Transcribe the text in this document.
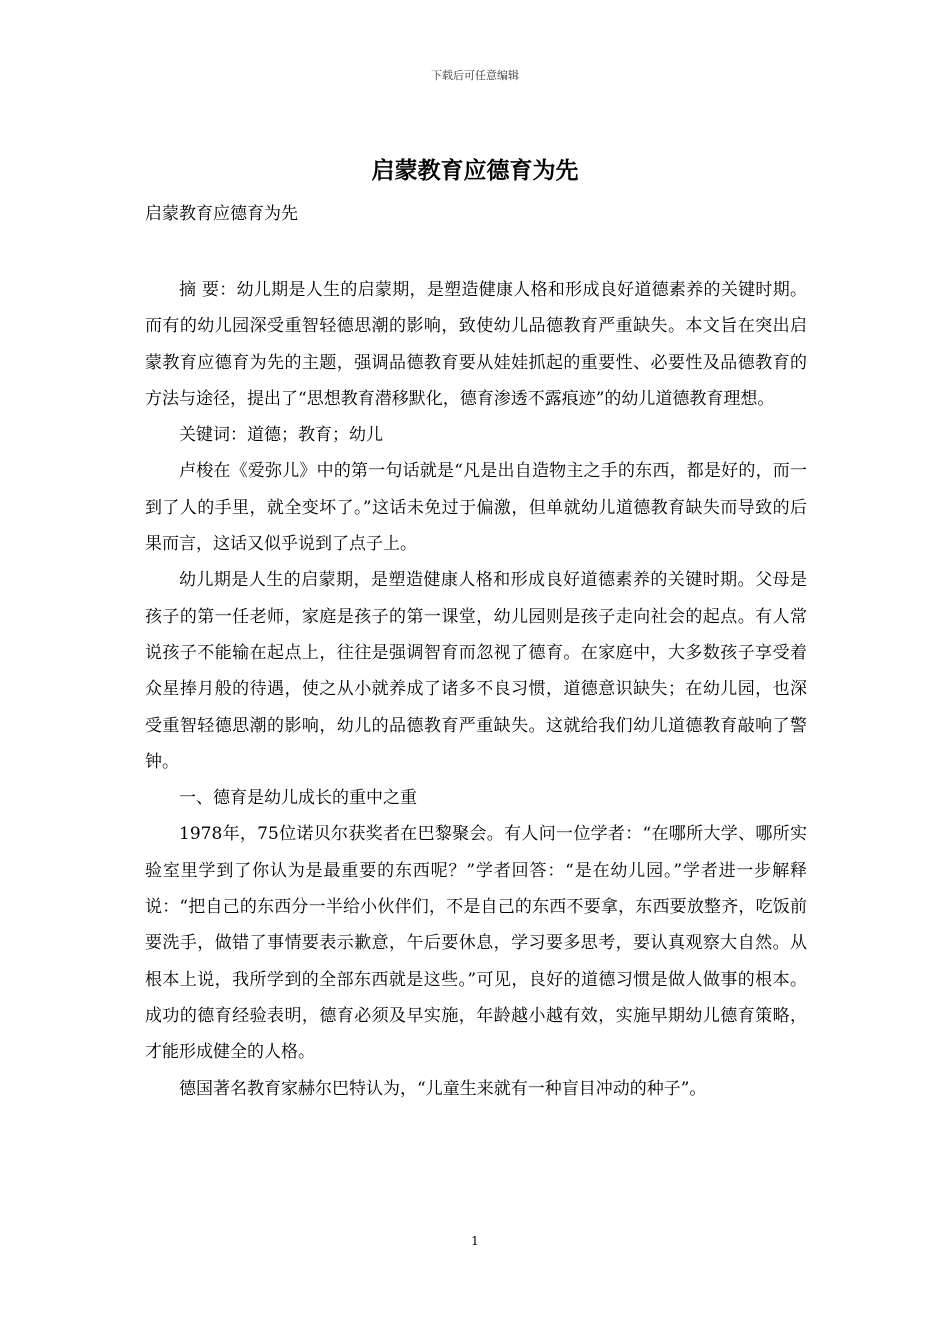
下载后可任意编辑
启蒙教育应德育为先
启蒙教育应德育为先

摘 要：幼儿期是人生的启蒙期，是塑造健康人格和形成良好道德素养的关键时期。而有的幼儿园深受重智轻德思潮的影响，致使幼儿品德教育严重缺失。本文旨在突出启蒙教育应德育为先的主题，强调品德教育要从娃娃抓起的重要性、必要性及品德教育的方法与途径，提出了“思想教育潜移默化，德育渗透不露痕迹”的幼儿道德教育理想。

关键词：道德；教育；幼儿

卢梭在《爱弥儿》中的第一句话就是“凡是出自造物主之手的东西，都是好的，而一到了人的手里，就全变坏了。”这话未免过于偏激，但单就幼儿道德教育缺失而导致的后果而言，这话又似乎说到了点子上。

幼儿期是人生的启蒙期，是塑造健康人格和形成良好道德素养的关键时期。父母是孩子的第一任老师，家庭是孩子的第一课堂，幼儿园则是孩子走向社会的起点。有人常说孩子不能输在起点上，往往是强调智育而忽视了德育。在家庭中，大多数孩子享受着众星捧月般的待遇，使之从小就养成了诸多不良习惯，道德意识缺失；在幼儿园，也深受重智轻德思潮的影响，幼儿的品德教育严重缺失。这就给我们幼儿道德教育敲响了警钟。

一、德育是幼儿成长的重中之重

1978年，75位诺贝尔获奖者在巴黎聚会。有人问一位学者：“在哪所大学、哪所实验室里学到了你认为是最重要的东西呢？”学者回答：“是在幼儿园。”学者进一步解释说：“把自己的东西分一半给小伙伴们，不是自己的东西不要拿，东西要放整齐，吃饭前要洗手，做错了事情要表示歉意，午后要休息，学习要多思考，要认真观察大自然。从根本上说，我所学到的全部东西就是这些。”可见，良好的道德习惯是做人做事的根本。成功的德育经验表明，德育必须及早实施，年龄越小越有效，实施早期幼儿德育策略，才能形成健全的人格。

德国著名教育家赫尔巴特认为，“儿童生来就有一种盲目冲动的种子”。

1
